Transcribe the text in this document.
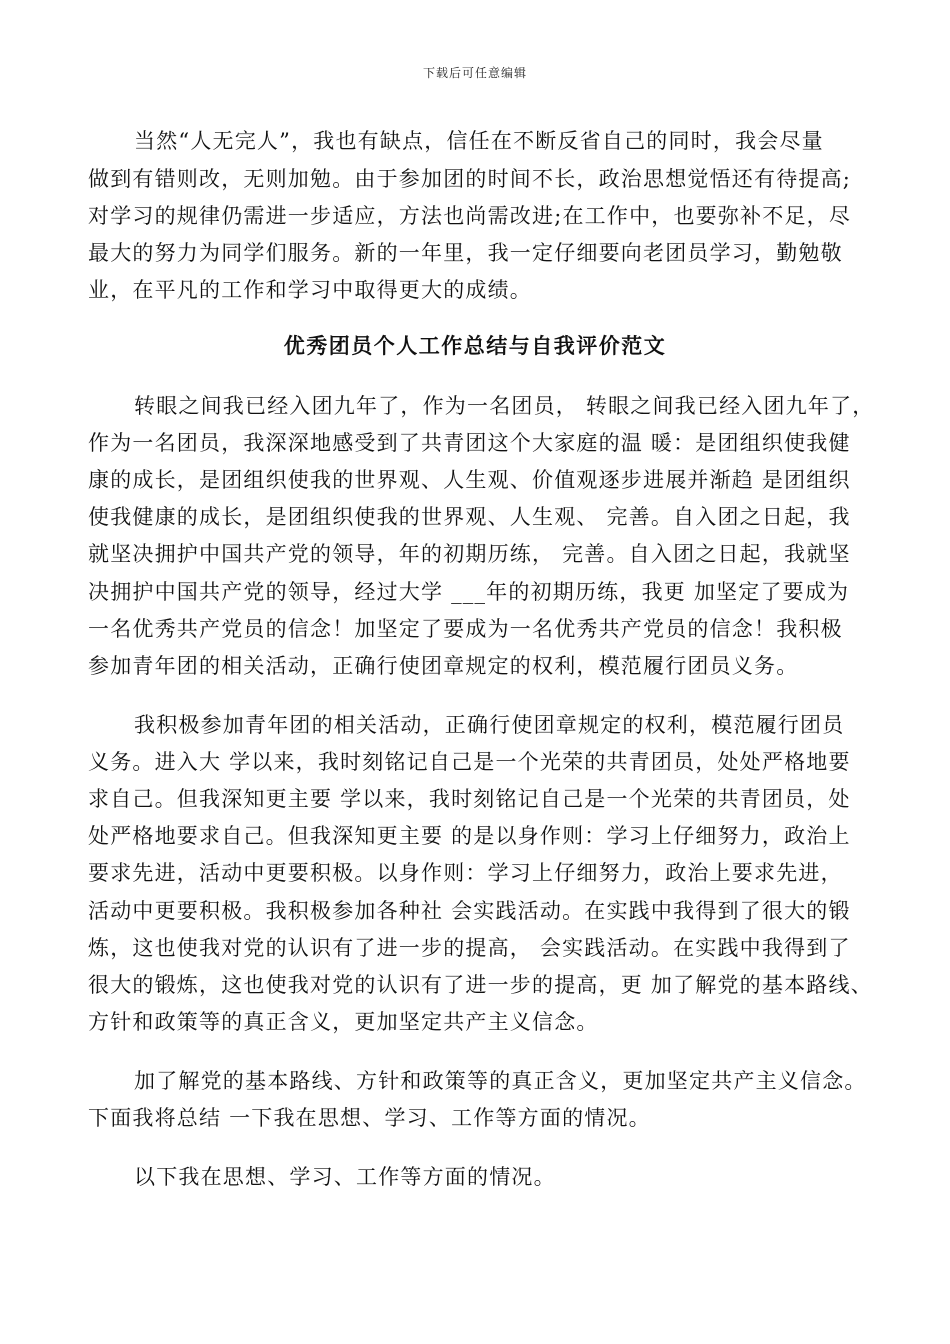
下载后可任意编辑
当然“人无完人”，我也有缺点，信任在不断反省自己的同时，我会尽量
做到有错则改，无则加勉。由于参加团的时间不长，政治思想觉悟还有待提高;
对学习的规律仍需进一步适应，方法也尚需改进;在工作中，也要弥补不足，尽
最大的努力为同学们服务。新的一年里，我一定仔细要向老团员学习，勤勉敬
业，在平凡的工作和学习中取得更大的成绩。
优秀团员个人工作总结与自我评价范文
转眼之间我已经入团九年了，作为一名团员， 转眼之间我已经入团九年了，
作为一名团员，我深深地感受到了共青团这个大家庭的温 暖：是团组织使我健
康的成长，是团组织使我的世界观、人生观、价值观逐步进展并渐趋 是团组织
使我健康的成长，是团组织使我的世界观、人生观、 完善。自入团之日起，我
就坚决拥护中国共产党的领导，年的初期历练， 完善。自入团之日起，我就坚
决拥护中国共产党的领导，经过大学 ___年的初期历练，我更 加坚定了要成为
一名优秀共产党员的信念！加坚定了要成为一名优秀共产党员的信念！我积极
参加青年团的相关活动，正确行使团章规定的权利，模范履行团员义务。
我积极参加青年团的相关活动，正确行使团章规定的权利，模范履行团员
义务。进入大 学以来，我时刻铭记自己是一个光荣的共青团员，处处严格地要
求自己。但我深知更主要 学以来，我时刻铭记自己是一个光荣的共青团员，处
处严格地要求自己。但我深知更主要 的是以身作则：学习上仔细努力，政治上
要求先进，活动中更要积极。以身作则：学习上仔细努力，政治上要求先进，
活动中更要积极。我积极参加各种社 会实践活动。在实践中我得到了很大的锻
炼，这也使我对党的认识有了进一步的提高， 会实践活动。在实践中我得到了
很大的锻炼，这也使我对党的认识有了进一步的提高，更 加了解党的基本路线、
方针和政策等的真正含义，更加坚定共产主义信念。
加了解党的基本路线、方针和政策等的真正含义，更加坚定共产主义信念。
下面我将总结 一下我在思想、学习、工作等方面的情况。
以下我在思想、学习、工作等方面的情况。
